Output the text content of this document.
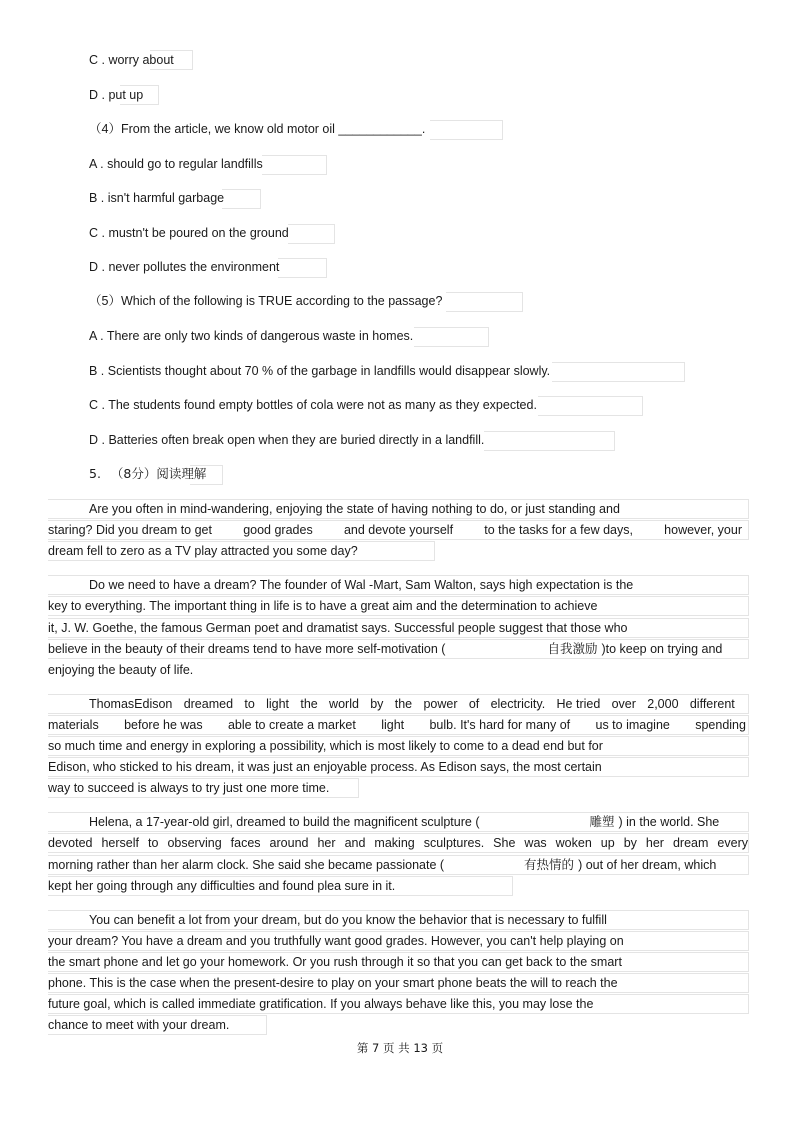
C . worry about
D . put up
（4）From the article, we know old motor oil ____________.
A . should go to regular landfills
B . isn't harmful garbage
C . mustn't be poured on the ground
D . never pollutes the environment
（5）Which of the following is TRUE according to the passage?
A . There are only two kinds of dangerous waste in homes.
B . Scientists thought about 70 % of the garbage in landfills would disappear slowly.
C . The students found empty bottles of cola were not as many as they expected.
D . Batteries often break open when they are buried directly in a landfill.
5. （8分）阅读理解
Are you often in mind-wandering, enjoying the state of having nothing to do, or just standing and
staring? Did you dream to get good grades and devote yourself to the tasks for a few days, however, your
dream fell to zero as a TV play attracted you some day?
Do we need to have a dream? The founder of Wal -Mart, Sam Walton, says high expectation is the
key to everything. The important thing in life is to have a great aim and the determination to achieve
it, J. W. Goethe, the famous German poet and dramatist says. Successful people suggest that those who
believe in the beauty of their dreams tend to have more self-motivation (	自我激励 )to keep on trying and
enjoying the beauty of life.
ThomasEdison dreamed to light the world by the power of electricity. He tried over 2,000 different
materials before he was able to create a market light bulb. It's hard for many of us to imagine spending
so much time and energy in exploring a possibility, which is most likely to come to a dead end but for
Edison, who sticked to his dream, it was just an enjoyable process. As Edison says, the most certain
way to succeed is always to try just one more time.
Helena, a 17-year-old girl, dreamed to build the magnificent sculpture (	雕塑 ) in the world. She
devoted herself to observing faces around her and making sculptures. She was woken up by her dream every
morning rather than her alarm clock. She said she became passionate (	有热情的 ) out of her dream, which
kept her going through any difficulties and found plea sure in it.
You can benefit a lot from your dream, but do you know the behavior that is necessary to fulfill
your dream? You have a dream and you truthfully want good grades. However, you can't help playing on
the smart phone and let go your homework. Or you rush through it so that you can get back to the smart
phone. This is the case when the present-desire to play on your smart phone beats the will to reach the
future goal, which is called immediate gratification. If you always behave like this, you may lose the
chance to meet with your dream.
第 7 页 共 13 页
